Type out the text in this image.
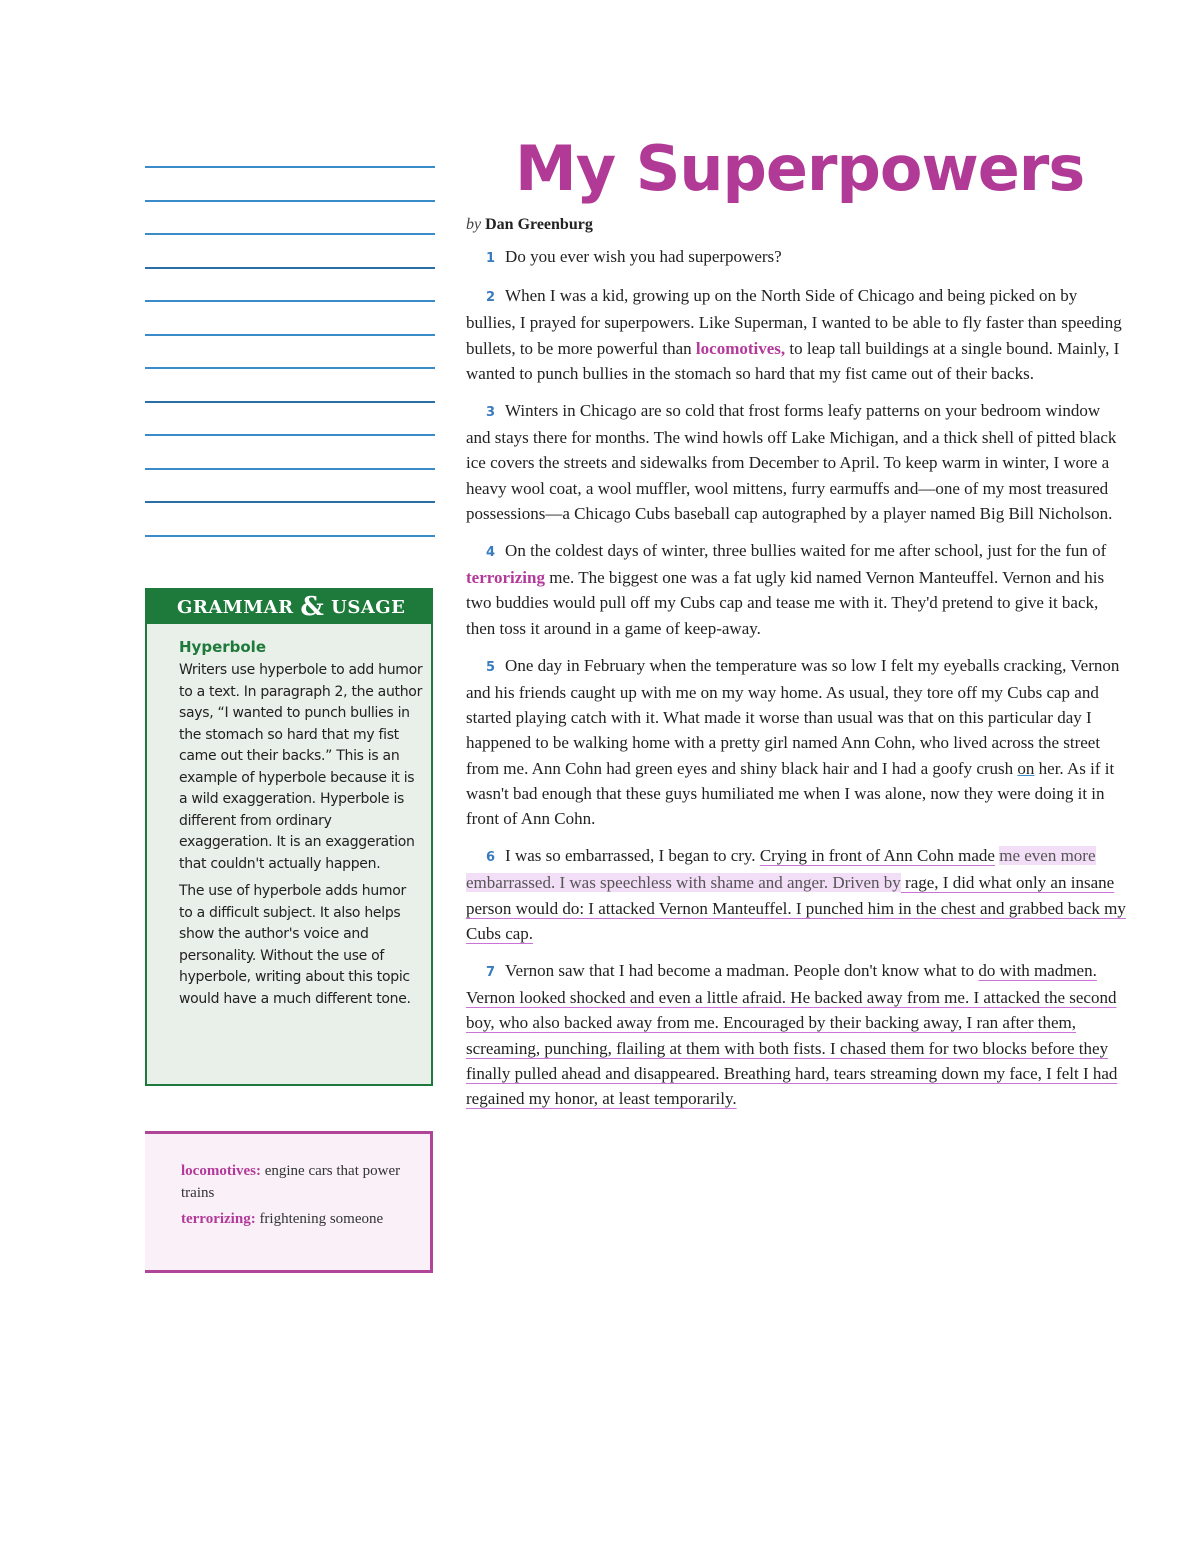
GRAMMAR & USAGE
Hyperbole

Writers use hyperbole to add humor to a text. In paragraph 2, the author says, “I wanted to punch bullies in the stomach so hard that my fist came out their backs.” This is an example of hyperbole because it is a wild exaggeration. Hyperbole is different from ordinary exaggeration. It is an exaggeration that couldn't actually happen.

The use of hyperbole adds humor to a difficult subject. It also helps show the author's voice and personality. Without the use of hyperbole, writing about this topic would have a much different tone.

locomotives: engine cars that power trains
terrorizing: frightening someone
My Superpowers
by Dan Greenburg

1 Do you ever wish you had superpowers?

2 When I was a kid, growing up on the North Side of Chicago and being picked on by bullies, I prayed for superpowers. Like Superman, I wanted to be able to fly faster than speeding bullets, to be more powerful than locomotives, to leap tall buildings at a single bound. Mainly, I wanted to punch bullies in the stomach so hard that my fist came out of their backs.

3 Winters in Chicago are so cold that frost forms leafy patterns on your bedroom window and stays there for months. The wind howls off Lake Michigan, and a thick shell of pitted black ice covers the streets and sidewalks from December to April. To keep warm in winter, I wore a heavy wool coat, a wool muffler, wool mittens, furry earmuffs and—one of my most treasured possessions—a Chicago Cubs baseball cap autographed by a player named Big Bill Nicholson.

4 On the coldest days of winter, three bullies waited for me after school, just for the fun of terrorizing me. The biggest one was a fat ugly kid named Vernon Manteuffel. Vernon and his two buddies would pull off my Cubs cap and tease me with it. They'd pretend to give it back, then toss it around in a game of keep-away.

5 One day in February when the temperature was so low I felt my eyeballs cracking, Vernon and his friends caught up with me on my way home. As usual, they tore off my Cubs cap and started playing catch with it. What made it worse than usual was that on this particular day I happened to be walking home with a pretty girl named Ann Cohn, who lived across the street from me. Ann Cohn had green eyes and shiny black hair and I had a goofy crush on her. As if it wasn't bad enough that these guys humiliated me when I was alone, now they were doing it in front of Ann Cohn.

6 I was so embarrassed, I began to cry. Crying in front of Ann Cohn made me even more embarrassed. I was speechless with shame and anger. Driven by rage, I did what only an insane person would do: I attacked Vernon Manteuffel. I punched him in the chest and grabbed back my Cubs cap.

7 Vernon saw that I had become a madman. People don't know what to do with madmen. Vernon looked shocked and even a little afraid. He backed away from me. I attacked the second boy, who also backed away from me. Encouraged by their backing away, I ran after them, screaming, punching, flailing at them with both fists. I chased them for two blocks before they finally pulled ahead and disappeared. Breathing hard, tears streaming down my face, I felt I had regained my honor, at least temporarily.
